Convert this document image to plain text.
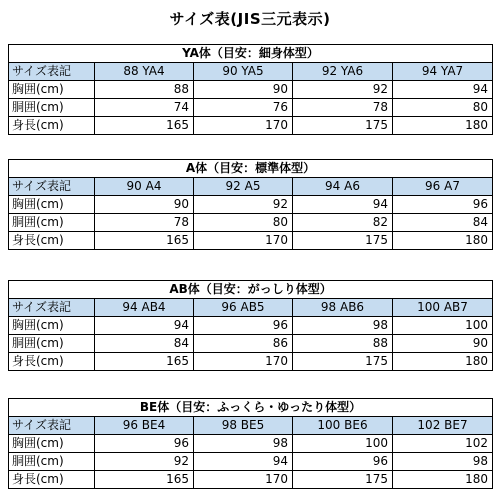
サイズ表(JIS三元表示)
YA体（目安：細身体型）				
サイズ表記	88 YA4	90 YA5	92 YA6	94 YA7
胸囲(cm)	88	90	92	94
胴囲(cm)	74	76	78	80
身長(cm)	165	170	175	180
A体（目安：標準体型）				
サイズ表記	90 A4	92 A5	94 A6	96 A7
胸囲(cm)	90	92	94	96
胴囲(cm)	78	80	82	84
身長(cm)	165	170	175	180
AB体（目安：がっしり体型）				
サイズ表記	94 AB4	96 AB5	98 AB6	100 AB7
胸囲(cm)	94	96	98	100
胴囲(cm)	84	86	88	90
身長(cm)	165	170	175	180
BE体（目安：ふっくら・ゆったり体型）				
サイズ表記	96 BE4	98 BE5	100 BE6	102 BE7
胸囲(cm)	96	98	100	102
胴囲(cm)	92	94	96	98
身長(cm)	165	170	175	180
